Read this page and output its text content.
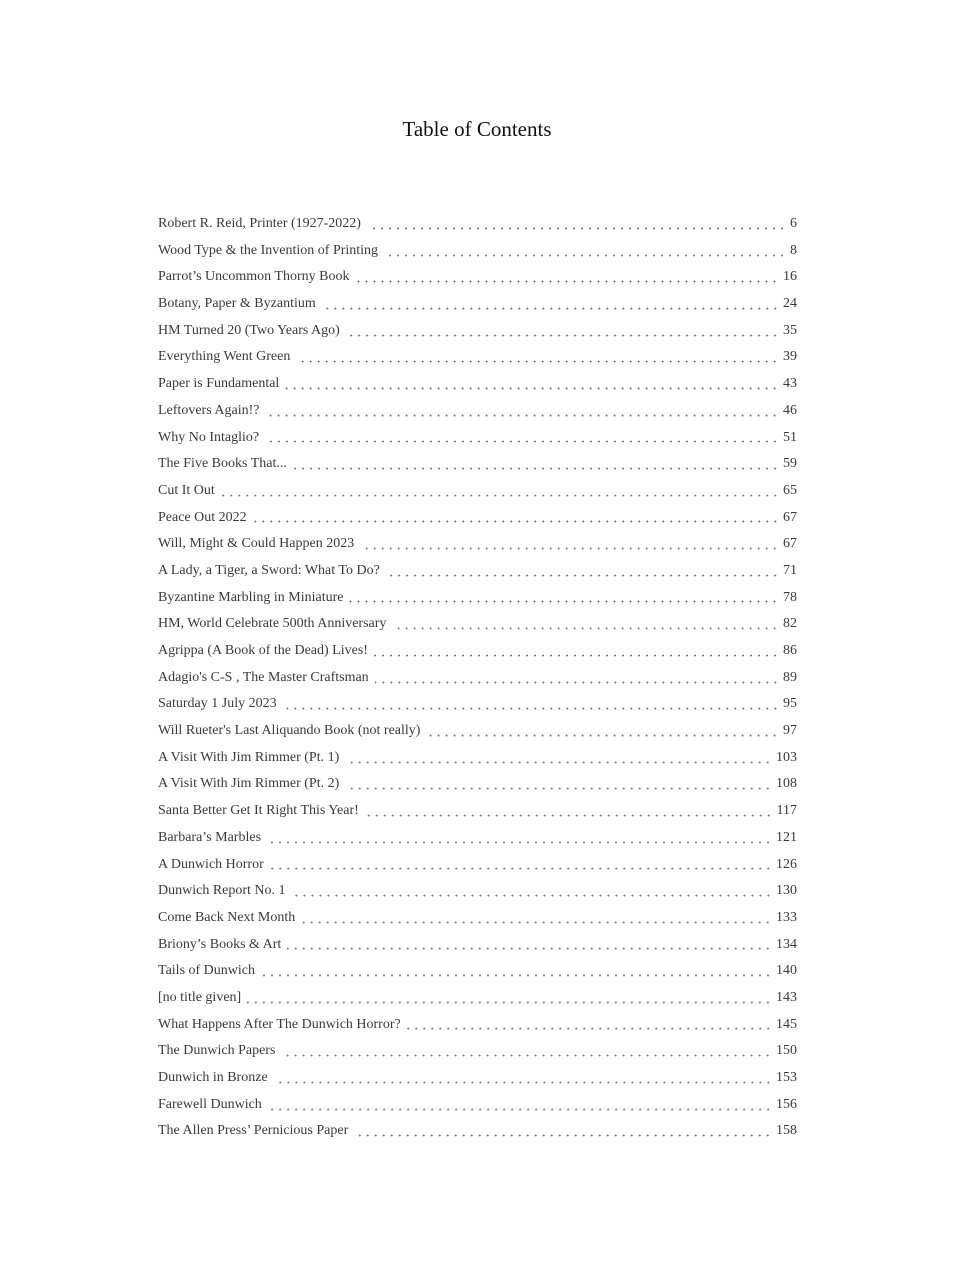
Table of Contents
Robert R. Reid, Printer (1927-2022)	6
Wood Type & the Invention of Printing	8
Parrot’s Uncommon Thorny Book	16
Botany, Paper & Byzantium	24
HM Turned 20 (Two Years Ago)	35
Everything Went Green	39
Paper is Fundamental	43
Leftovers Again!?	46
Why No Intaglio?	51
The Five Books That...	59
Cut It Out	65
Peace Out 2022	67
Will, Might & Could Happen 2023	67
A Lady, a Tiger, a Sword: What To Do?	71
Byzantine Marbling in Miniature	78
HM, World Celebrate 500th Anniversary	82
Agrippa (A Book of the Dead) Lives!	86
Adagio's C-S , The Master Craftsman	89
Saturday 1 July 2023	95
Will Rueter's Last Aliquando Book (not really)	97
A Visit With Jim Rimmer (Pt. 1)	103
A Visit With Jim Rimmer (Pt. 2)	108
Santa Better Get It Right This Year!	117
Barbara’s Marbles	121
A Dunwich Horror	126
Dunwich Report No. 1	130
Come Back Next Month	133
Briony’s Books & Art	134
Tails of Dunwich	140
[no title given]	143
What Happens After The Dunwich Horror?	145
The Dunwich Papers	150
Dunwich in Bronze	153
Farewell Dunwich	156
The Allen Press’ Pernicious Paper	158
